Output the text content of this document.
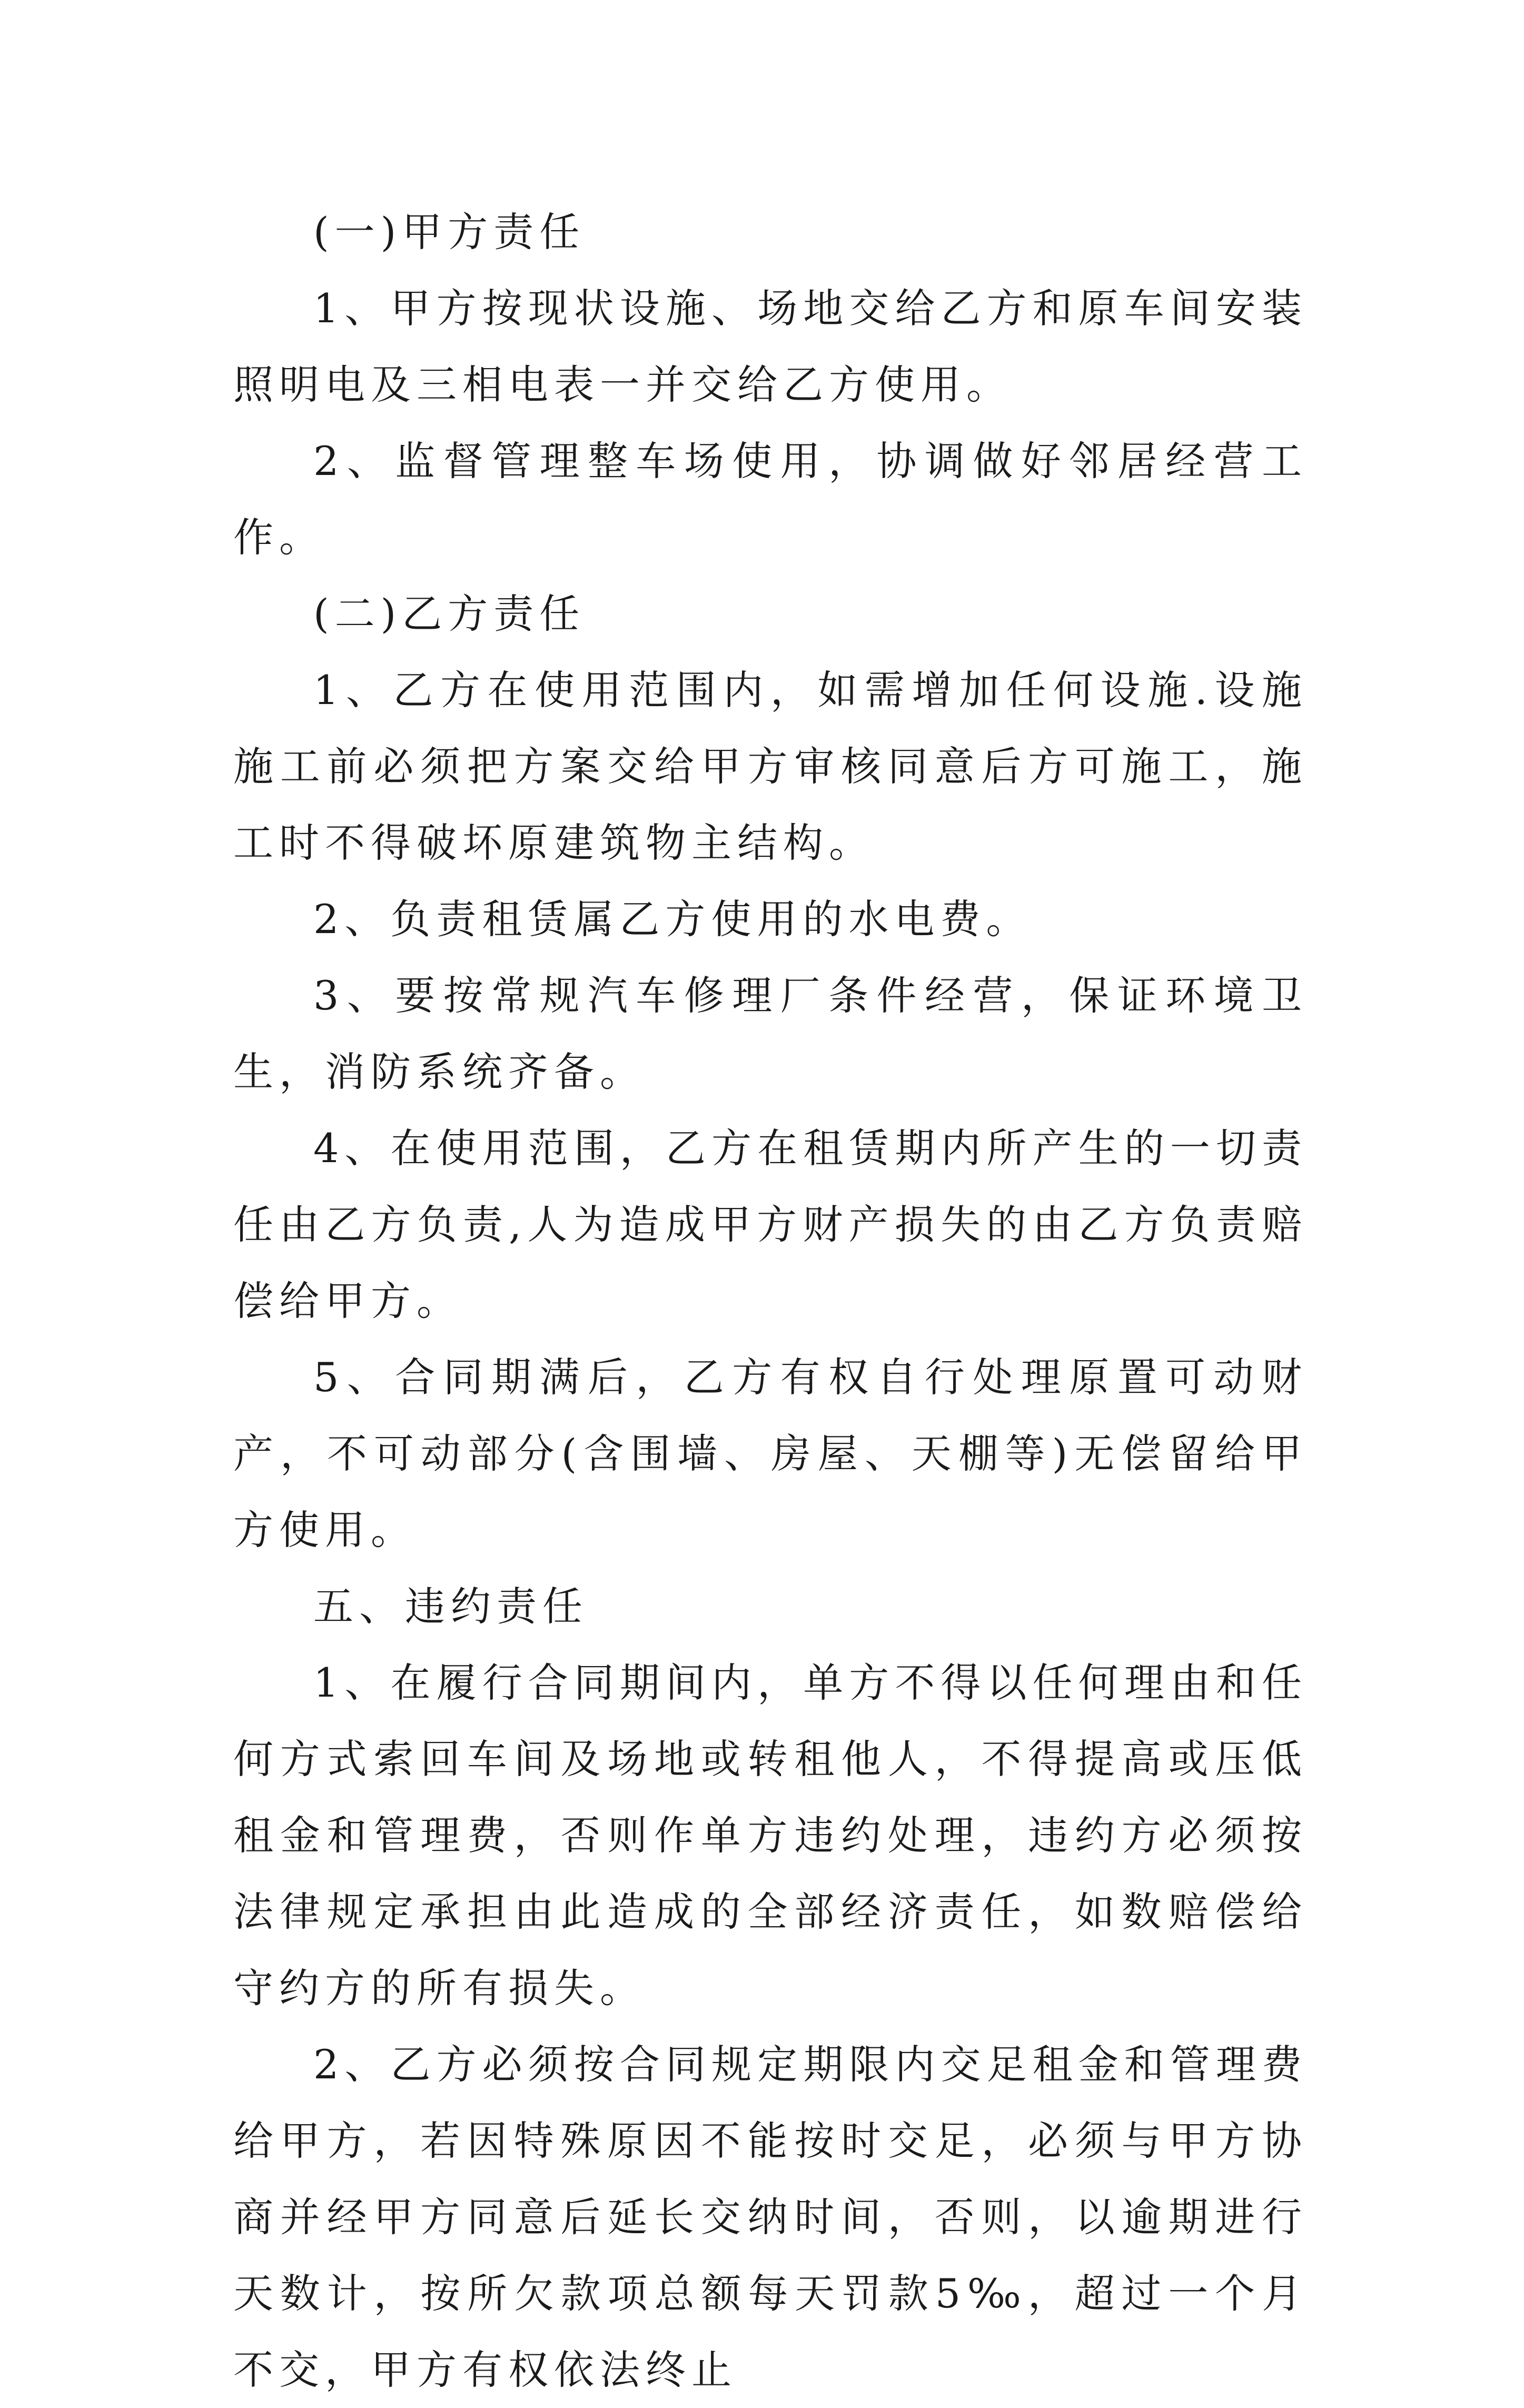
(一)甲方责任

1、甲方按现状设施、场地交给乙方和原车间安装照明电及三相电表一并交给乙方使用。

2、监督管理整车场使用，协调做好邻居经营工作。

(二)乙方责任

1、乙方在使用范围内，如需增加任何设施.设施施工前必须把方案交给甲方审核同意后方可施工，施工时不得破坏原建筑物主结构。

2、负责租赁属乙方使用的水电费。

3、要按常规汽车修理厂条件经营，保证环境卫生，消防系统齐备。

4、在使用范围，乙方在租赁期内所产生的一切责任由乙方负责,人为造成甲方财产损失的由乙方负责赔偿给甲方。

5、合同期满后，乙方有权自行处理原置可动财产，不可动部分(含围墙、房屋、天棚等)无偿留给甲方使用。

五、违约责任

1、在履行合同期间内，单方不得以任何理由和任何方式索回车间及场地或转租他人，不得提高或压低租金和管理费，否则作单方违约处理，违约方必须按法律规定承担由此造成的全部经济责任，如数赔偿给守约方的所有损失。

2、乙方必须按合同规定期限内交足租金和管理费给甲方，若因特殊原因不能按时交足，必须与甲方协商并经甲方同意后延长交纳时间，否则，以逾期进行天数计，按所欠款项总额每天罚款5‰，超过一个月不交，甲方有权依法终止
